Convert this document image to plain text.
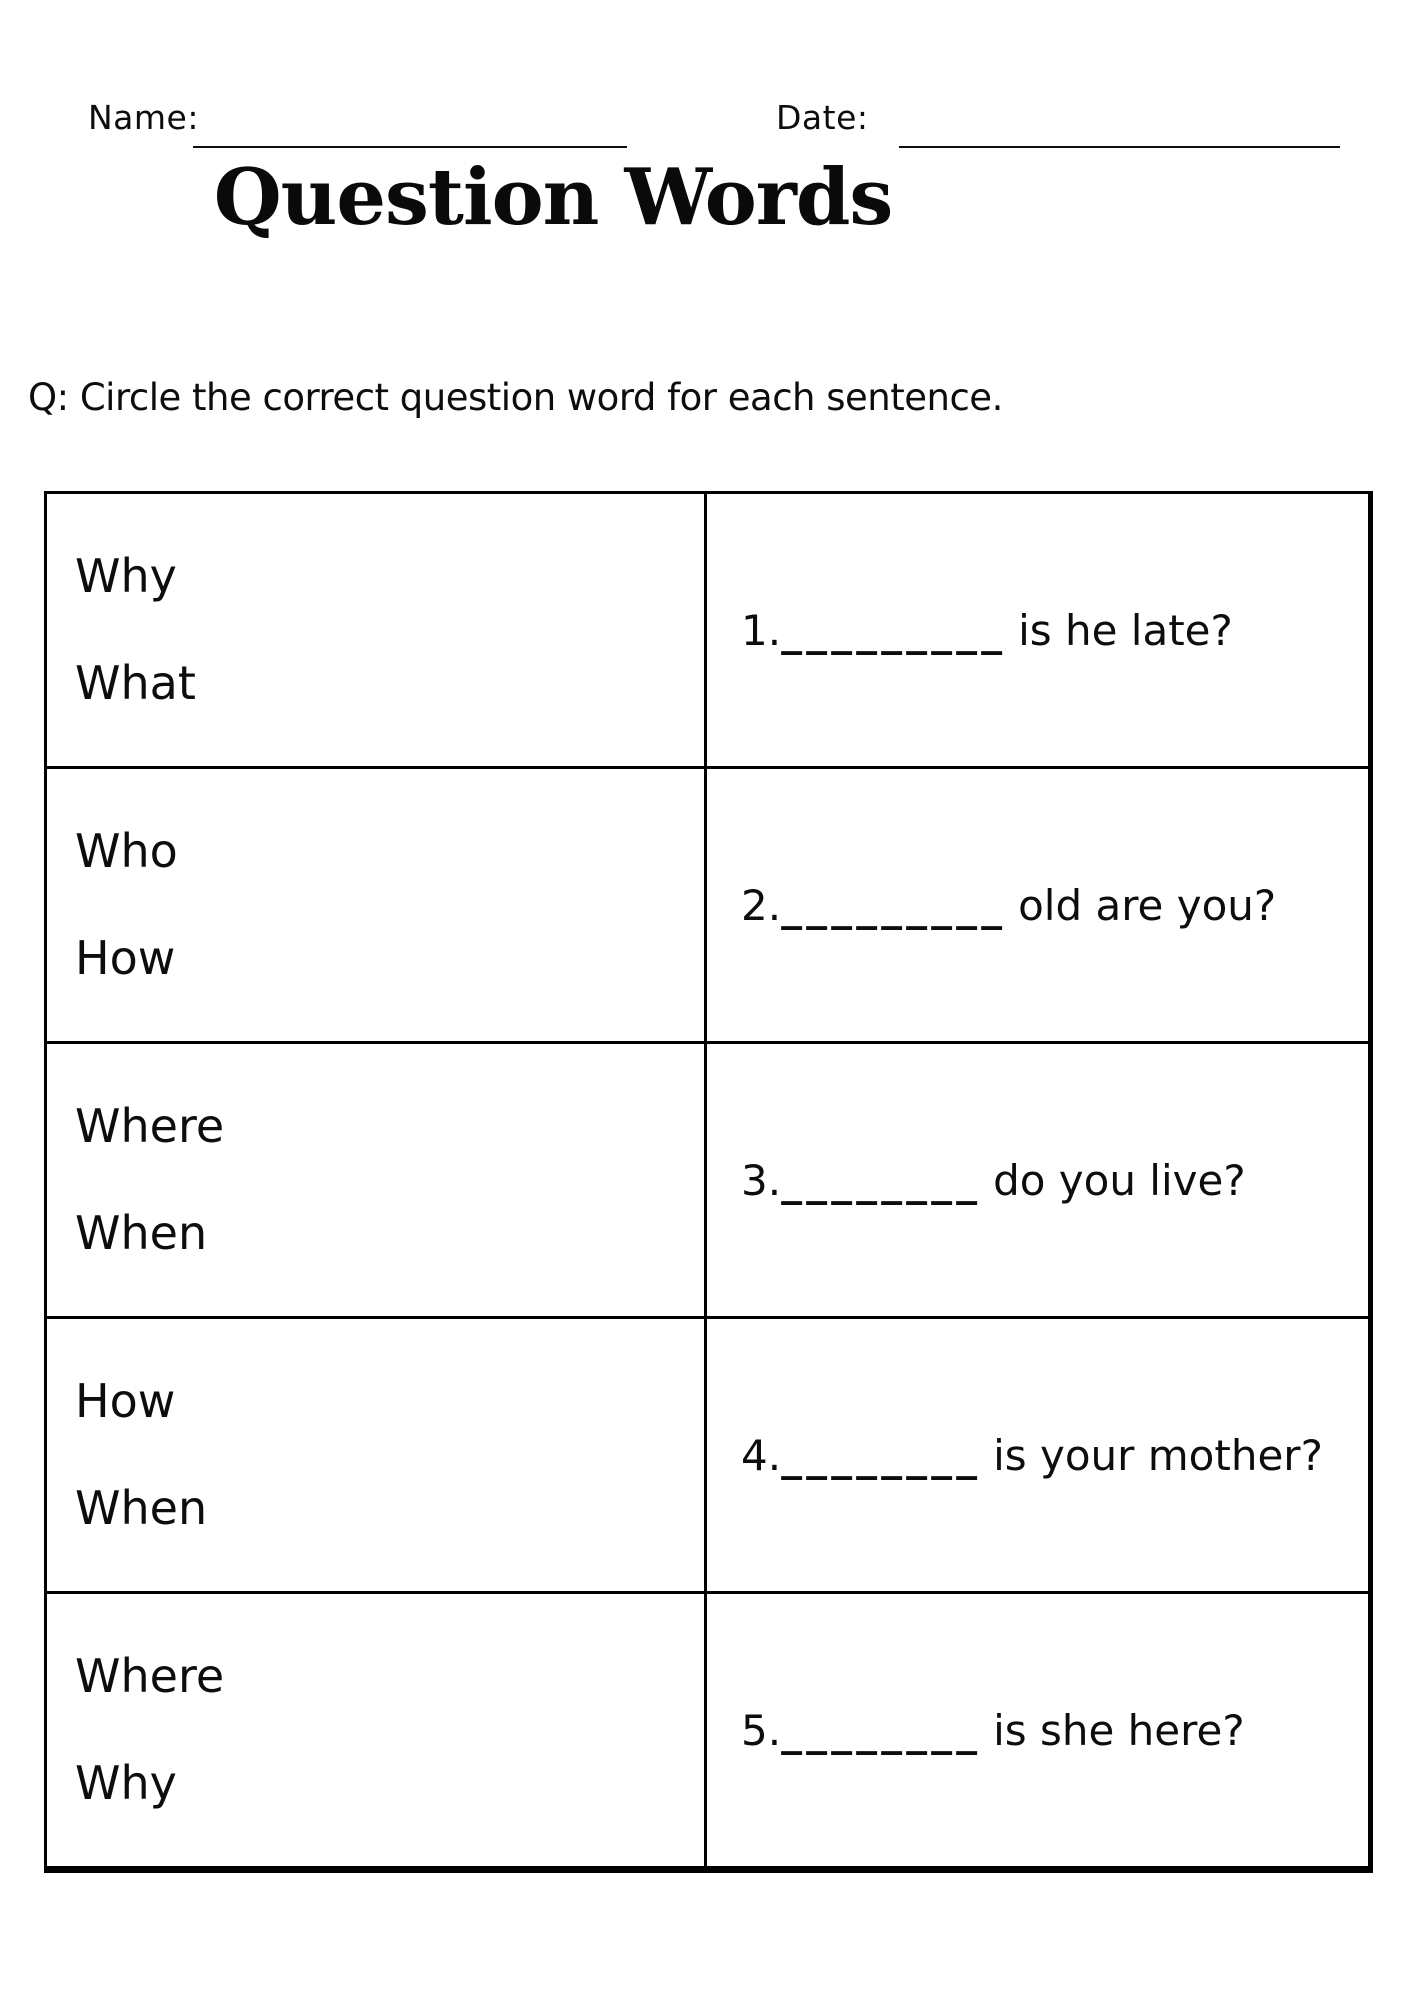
Name:	Date:
Question Words
Q: Circle the correct question word for each sentence.
Why
What
1. _________ is he late?
Who
How
2. _________ old are you?
Where
When
3. ________ do you live?
How
When
4. ________ is your mother?
Where
Why
5. ________ is she here?
